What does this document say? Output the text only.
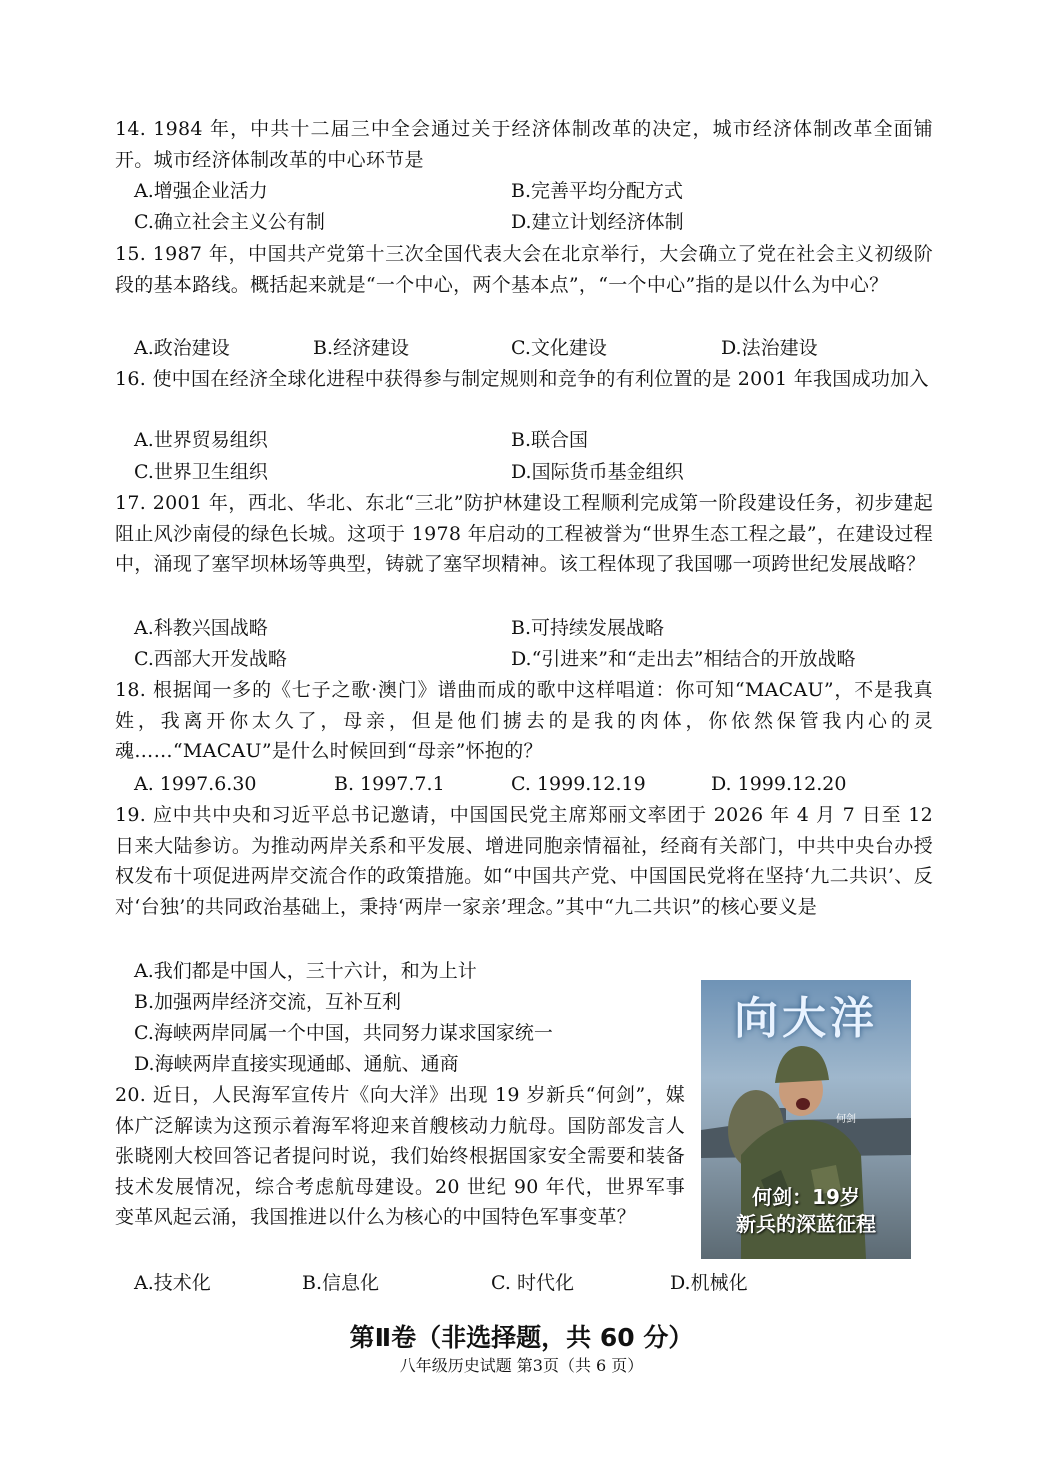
14. 1984 年，中共十二届三中全会通过关于经济体制改革的决定，城市经济体制改革全面铺开。城市经济体制改革的中心环节是
A.增强企业活力	B.完善平均分配方式
C.确立社会主义公有制	D.建立计划经济体制
15. 1987 年，中国共产党第十三次全国代表大会在北京举行，大会确立了党在社会主义初级阶段的基本路线。概括起来就是“一个中心，两个基本点”，“一个中心”指的是以什么为中心？
A.政治建设	B.经济建设	C.文化建设	D.法治建设
16. 使中国在经济全球化进程中获得参与制定规则和竞争的有利位置的是 2001 年我国成功加入
A.世界贸易组织	B.联合国
C.世界卫生组织	D.国际货币基金组织
17. 2001 年，西北、华北、东北“三北”防护林建设工程顺利完成第一阶段建设任务，初步建起阻止风沙南侵的绿色长城。这项于 1978 年启动的工程被誉为“世界生态工程之最”，在建设过程中，涌现了塞罕坝林场等典型，铸就了塞罕坝精神。该工程体现了我国哪一项跨世纪发展战略？
A.科教兴国战略	B.可持续发展战略
C.西部大开发战略	D.“引进来”和“走出去”相结合的开放战略
18. 根据闻一多的《七子之歌·澳门》谱曲而成的歌中这样唱道：你可知“MACAU”，不是我真姓，我离开你太久了，母亲，但是他们掳去的是我的肉体，你依然保管我内心的灵魂……“MACAU”是什么时候回到“母亲”怀抱的？
A. 1997.6.30	B. 1997.7.1	C. 1999.12.19	D. 1999.12.20
19. 应中共中央和习近平总书记邀请，中国国民党主席郑丽文率团于 2026 年 4 月 7 日至 12 日来大陆参访。为推动两岸关系和平发展、增进同胞亲情福祉，经商有关部门，中共中央台办授权发布十项促进两岸交流合作的政策措施。如“中国共产党、中国国民党将在坚持‘九二共识’、反对‘台独’的共同政治基础上，秉持‘两岸一家亲’理念。”其中“九二共识”的核心要义是
A.我们都是中国人，三十六计，和为上计
B.加强两岸经济交流，互补互利
C.海峡两岸同属一个中国，共同努力谋求国家统一
D.海峡两岸直接实现通邮、通航、通商
20. 近日，人民海军宣传片《向大洋》出现 19 岁新兵“何剑”，媒体广泛解读为这预示着海军将迎来首艘核动力航母。国防部发言人张晓刚大校回答记者提问时说，我们始终根据国家安全需要和装备技术发展情况，综合考虑航母建设。20 世纪 90 年代，世界军事变革风起云涌，我国推进以什么为核心的中国特色军事变革？
A.技术化	B.信息化	C. 时代化	D.机械化
向大洋
何剑
何剑：19岁
新兵的深蓝征程
第Ⅱ卷（非选择题，共 60 分）
八年级历史试题 第3页（共 6 页）
